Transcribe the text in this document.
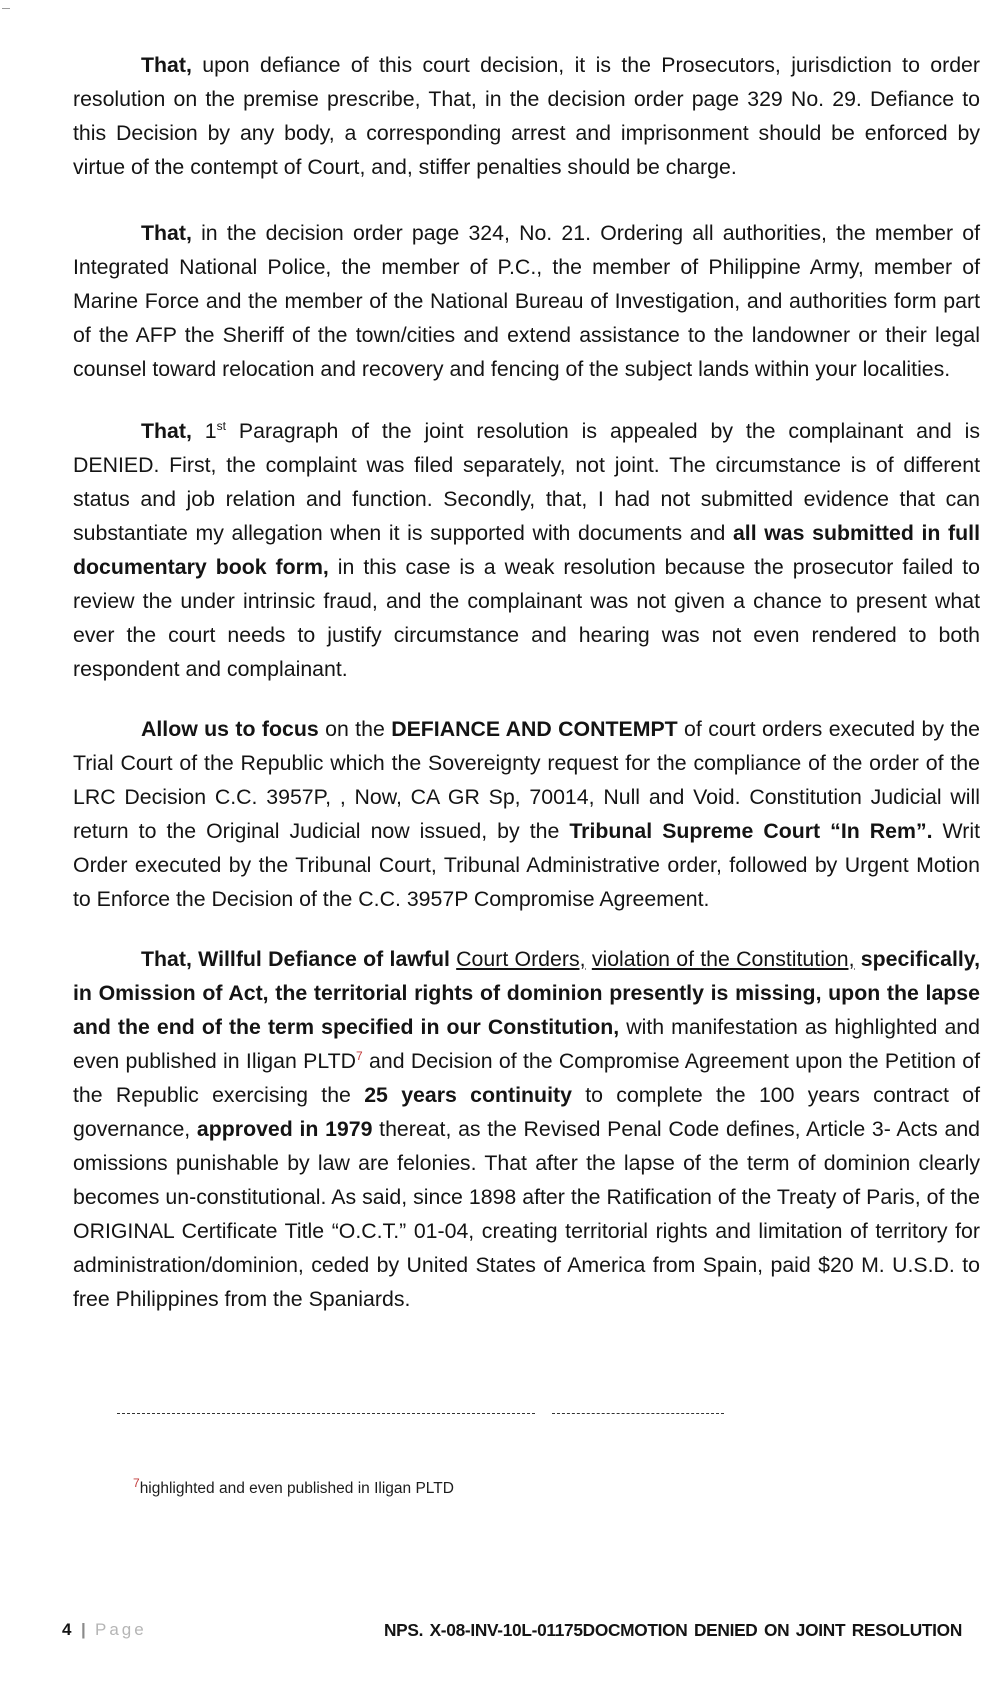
That, upon defiance of this court decision, it is the Prosecutors, jurisdiction to order resolution on the premise prescribe, That, in the decision order page 329 No. 29. Defiance to this Decision by any body, a corresponding arrest and imprisonment should be enforced by virtue of the contempt of Court, and, stiffer penalties should be charge.

That, in the decision order page 324, No. 21. Ordering all authorities, the member of Integrated National Police, the member of P.C., the member of Philippine Army, member of Marine Force and the member of the National Bureau of Investigation, and authorities form part of the AFP the Sheriff of the town/cities and extend assistance to the landowner or their legal counsel toward relocation and recovery and fencing of the subject lands within your localities.

That, 1st Paragraph of the joint resolution is appealed by the complainant and is DENIED. First, the complaint was filed separately, not joint. The circumstance is of different status and job relation and function. Secondly, that, I had not submitted evidence that can substantiate my allegation when it is supported with documents and all was submitted in full documentary book form, in this case is a weak resolution because the prosecutor failed to review the under intrinsic fraud, and the complainant was not given a chance to present what ever the court needs to justify circumstance and hearing was not even rendered to both respondent and complainant.

Allow us to focus on the DEFIANCE AND CONTEMPT of court orders executed by the Trial Court of the Republic which the Sovereignty request for the compliance of the order of the LRC Decision C.C. 3957P, , Now, CA GR Sp, 70014, Null and Void. Constitution Judicial will return to the Original Judicial now issued, by the Tribunal Supreme Court “In Rem”. Writ Order executed by the Tribunal Court, Tribunal Administrative order, followed by Urgent Motion to Enforce the Decision of the C.C. 3957P Compromise Agreement.

That, Willful Defiance of lawful Court Orders, violation of the Constitution, specifically, in Omission of Act, the territorial rights of dominion presently is missing, upon the lapse and the end of the term specified in our Constitution, with manifestation as highlighted and even published in Iligan PLTD$^7$ and Decision of the Compromise Agreement upon the Petition of the Republic exercising the 25 years continuity to complete the 100 years contract of governance, approved in 1979 thereat, as the Revised Penal Code defines, Article 3- Acts and omissions punishable by law are felonies. That after the lapse of the term of dominion clearly becomes un-constitutional. As said, since 1898 after the Ratification of the Treaty of Paris, of the ORIGINAL Certificate Title “O.C.T.” 01-04, creating territorial rights and limitation of territory for administration/dominion, ceded by United States of America from Spain, paid $20 M. U.S.D. to free Philippines from the Spaniards.

$^7$highlighted and even published in Iligan PLTD
4 | Page	NPS. X-08-INV-10L-01175DOCMOTION DENIED ON JOINT RESOLUTION
